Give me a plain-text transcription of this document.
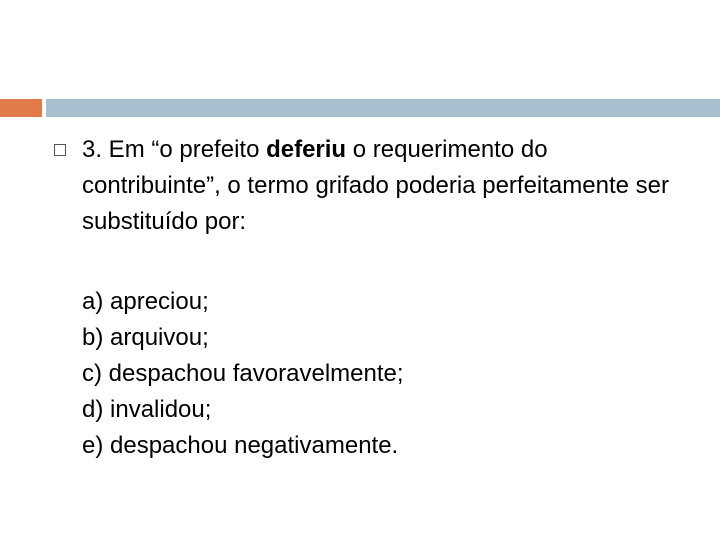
3. Em “o prefeito deferiu o requerimento do contribuinte”, o termo grifado poderia perfeitamente ser substituído por:

a) apreciou;
b) arquivou;
c) despachou favoravelmente;
d) invalidou;
e) despachou negativamente.
